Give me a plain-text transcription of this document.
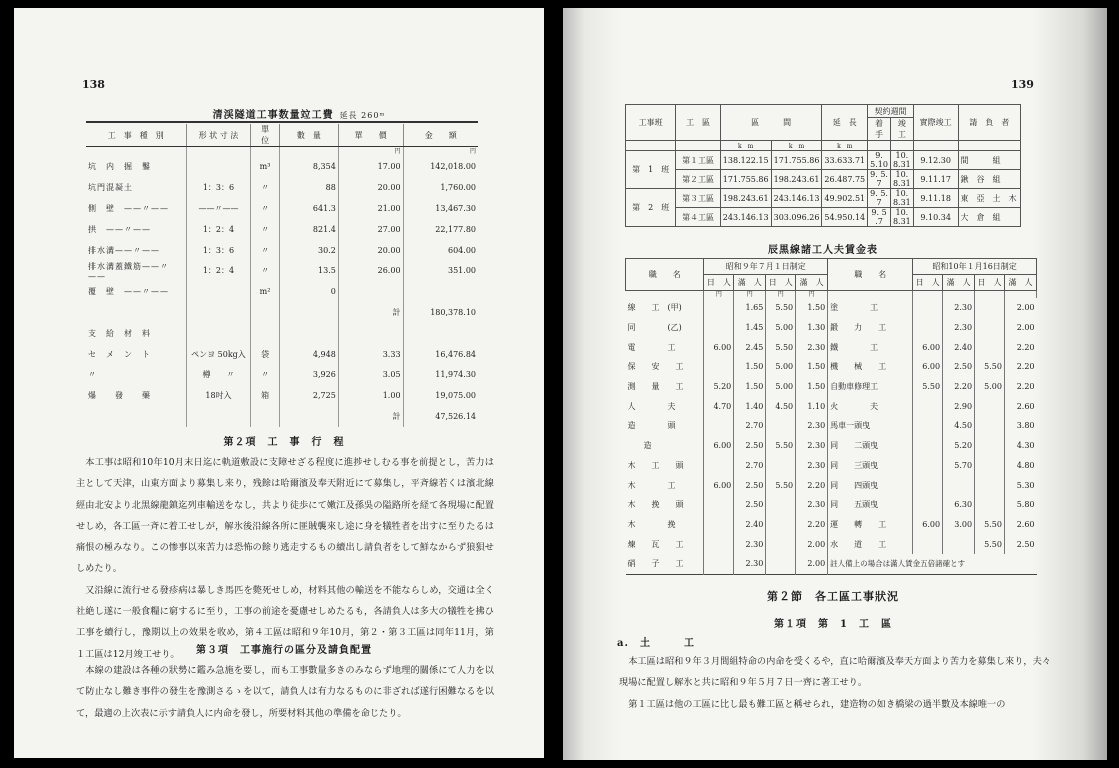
138
清渓隧道工事数量竝工費 延長 260ᵐ
工　事　種　別	形 状 寸 法	單　位	數　量	單　　價	金　　額
				円	円
坑　内　掘　鑿		m³	8,354	17.00	142,018.00
坑門混凝土	1：3：6	〃	88	20.00	1,760.00
側　壁　——〃——	——〃——	〃	641.3	21.00	13,467.30
拱　——〃——	1：2：4	〃	821.4	27.00	22,177.80
排水溝——〃——	1：3：6	〃	30.2	20.00	604.00
排水溝蓋鐵筋——〃——	1：2：4	〃	13.5	26.00	351.00
覆　壁　——〃——		m²	0		
				計	180,378.10
支　給　材　料					
セ　メ　ン　ト	ペンヨ 50kg入	袋	4,948	3.33	16,476.84
〃	樽　　〃	〃	3,926	3.05	11,974.30
爆　　發　　藥	18吋入	箱	2,725	1.00	19,075.00
				計	47,526.14
第２項　工　事　行　程

本工事は昭和10年10月末日迄に軌道敷設に支障せざる程度に進捗せしむる事を前提とし，苦力は主として天津，山東方面より募集し来り，残餘は哈爾濱及奉天附近にて募集し，平斉線若くは濱北線經由北安より北黒線龍鎮迄列車輸送をなし，共より徒歩にて嫩江及孫吳の隘路所を経て各現場に配置せしめ，各工區一斉に着工せしが，解氷後沿線各所に匪賊襲來し途に身を犠牲者を出すに至りたるは痛恨の極みなり。この惨事以來苦力は恐怖の餘り逃走するもの續出し請負者をして鮮なからず狼狽せしめたり。

又沿線に流行せる發疹病は暴しき馬匹を斃死せしめ，材料其他の輸送を不能ならしめ，交通は全く社絶し遂に一般食糧に窮するに至り，工事の前途を憂慮せしめたるも，各請負人は多大の犠牲を拂ひ工事を續行し，豫期以上の效果を收め，第４工區は昭和９年10月，第２・第３工區は同年11月，第１工區は12月竣工せり。	第３項　工事施行の區分及請負配置

本線の建設は各種の狀勢に鑑み急施を要し，而も工事數量多きのみならず地理的關係にて人力を以て防止なし難き事件の發生を豫測さるゝを以て，請負人は有力なるものに非ざれば遂行困難なるを以て，最適の上次表に示す請負人に内命を發し，所要材料其他の準備を命じたり。

139
工事班	工　區	區　　　間		延　長	契約週間		實際竣工	請　負　者
					着　手	竣　工		
		k　m	k　m	k　m				
第　1　班	第１工區	138.122.15	171.755.86	33.633.71	9. 5.10	10. 8.31	9.12.30	間　　　組
	第２工區	171.755.86	198.243.61	26.487.75	9. 5. 7	10. 8.31	9.11.17	鍬　谷　組
第　2　班	第３工區	198.243.61	243.146.13	49.902.51	9. 5. 7	10. 8.31	9.11.18	東　亞　土　木
	第４工區	243.146.13	303.096.26	54.950.14	9. 5 .7	10. 8.31	9.10.34	大　倉　組
辰黒線諸工人夫賃金表
職　　名	昭和９年７月１日制定				職　　名	昭和10年１月16日制定			
	日　人	滿　人	日　人	滿　人		日　人	滿　人	日　人	滿　人
	円	円	円	円					
線　　工　(甲)		1.65	5.50	1.50	塗　　　　工		2.30		2.00
同　　　　(乙)		1.45	5.00	1.30	鍛　　力　　工		2.30		2.00
電　　　　工	6.00	2.45	5.50	2.30	鐵　　　　工	6.00	2.40		2.20
保　　安　　工		1.50	5.00	1.50	機　　械　　工	6.00	2.50	5.50	2.20
測　　量　　工	5.20	1.50	5.00	1.50	自動車修理工	5.50	2.20	5.00	2.20
人　　　　夫	4.70	1.40	4.50	1.10	火　　　　夫		2.90		2.60
造　　　　頭		2.70		2.30	馬車一頭曳		4.50		3.80
　　造　　	6.00	2.50	5.50	2.30	同　　二頭曳		5.20		4.30
木　　工　　頭		2.70		2.30	同　　三頭曳		5.70		4.80
木　　　　工	6.00	2.50	5.50	2.20	同　　四頭曳				5.30
木　　挽　　頭		2.50		2.30	同　　五頭曳		6.30		5.80
木　　　　挽		2.40		2.20	運　　轉　　工	6.00	3.00	5.50	2.60
煉　　瓦　　工		2.30		2.00	水　　道　　工			5.50	2.50
硝　　子　　工		2.30		2.00	註人備上の場合は滿人賃金五倍諸確とす				
第２節　各工區工事狀況
第１項　第　1　工　區
a.　土　　　工

本工區は昭和９年３月間組特命の内命を受くるや，直に哈爾濱及奉天方面より苦力を募集し來り，夫々現場に配置し解氷と共に昭和９年５月７日一齊に著工せり。

第１工區は他の工區に比し最も難工區と稱せられ，建造物の如き橋梁の過半數及本線唯一の
